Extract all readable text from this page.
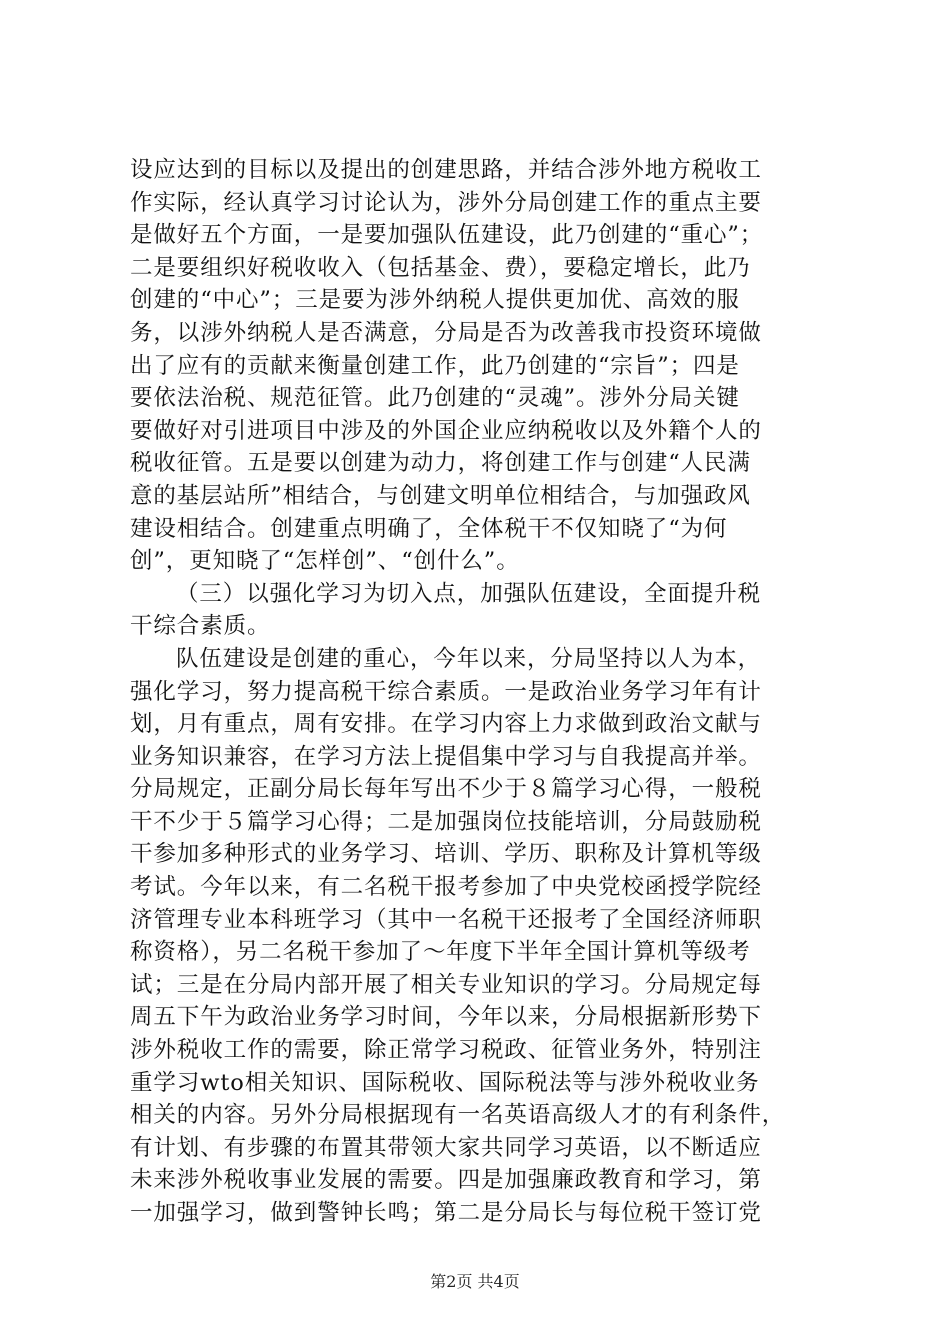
设应达到的目标以及提出的创建思路，并结合涉外地方税收工
作实际，经认真学习讨论认为，涉外分局创建工作的重点主要
是做好五个方面，一是要加强队伍建设，此乃创建的“重心”；
二是要组织好税收收入（包括基金、费），要稳定增长，此乃
创建的“中心”；三是要为涉外纳税人提供更加优、高效的服
务，以涉外纳税人是否满意，分局是否为改善我市投资环境做
出了应有的贡献来衡量创建工作，此乃创建的“宗旨”；四是
要依法治税、规范征管。此乃创建的“灵魂”。涉外分局关键
要做好对引进项目中涉及的外国企业应纳税收以及外籍个人的
税收征管。五是要以创建为动力，将创建工作与创建“人民满
意的基层站所”相结合，与创建文明单位相结合，与加强政风
建设相结合。创建重点明确了，全体税干不仅知晓了“为何
创”，更知晓了“怎样创”、“创什么”。
（三）以强化学习为切入点，加强队伍建设，全面提升税
干综合素质。
队伍建设是创建的重心，今年以来，分局坚持以人为本，
强化学习，努力提高税干综合素质。一是政治业务学习年有计
划，月有重点，周有安排。在学习内容上力求做到政治文献与
业务知识兼容，在学习方法上提倡集中学习与自我提高并举。
分局规定，正副分局长每年写出不少于８篇学习心得，一般税
干不少于５篇学习心得；二是加强岗位技能培训，分局鼓励税
干参加多种形式的业务学习、培训、学历、职称及计算机等级
考试。今年以来，有二名税干报考参加了中央党校函授学院经
济管理专业本科班学习（其中一名税干还报考了全国经济师职
称资格），另二名税干参加了～年度下半年全国计算机等级考
试；三是在分局内部开展了相关专业知识的学习。分局规定每
周五下午为政治业务学习时间，今年以来，分局根据新形势下
涉外税收工作的需要，除正常学习税政、征管业务外，特别注
重学习wto相关知识、国际税收、国际税法等与涉外税收业务
相关的内容。另外分局根据现有一名英语高级人才的有利条件，
有计划、有步骤的布置其带领大家共同学习英语，以不断适应
未来涉外税收事业发展的需要。四是加强廉政教育和学习，第
一加强学习，做到警钟长鸣；第二是分局长与每位税干签订党
第2页 共4页
